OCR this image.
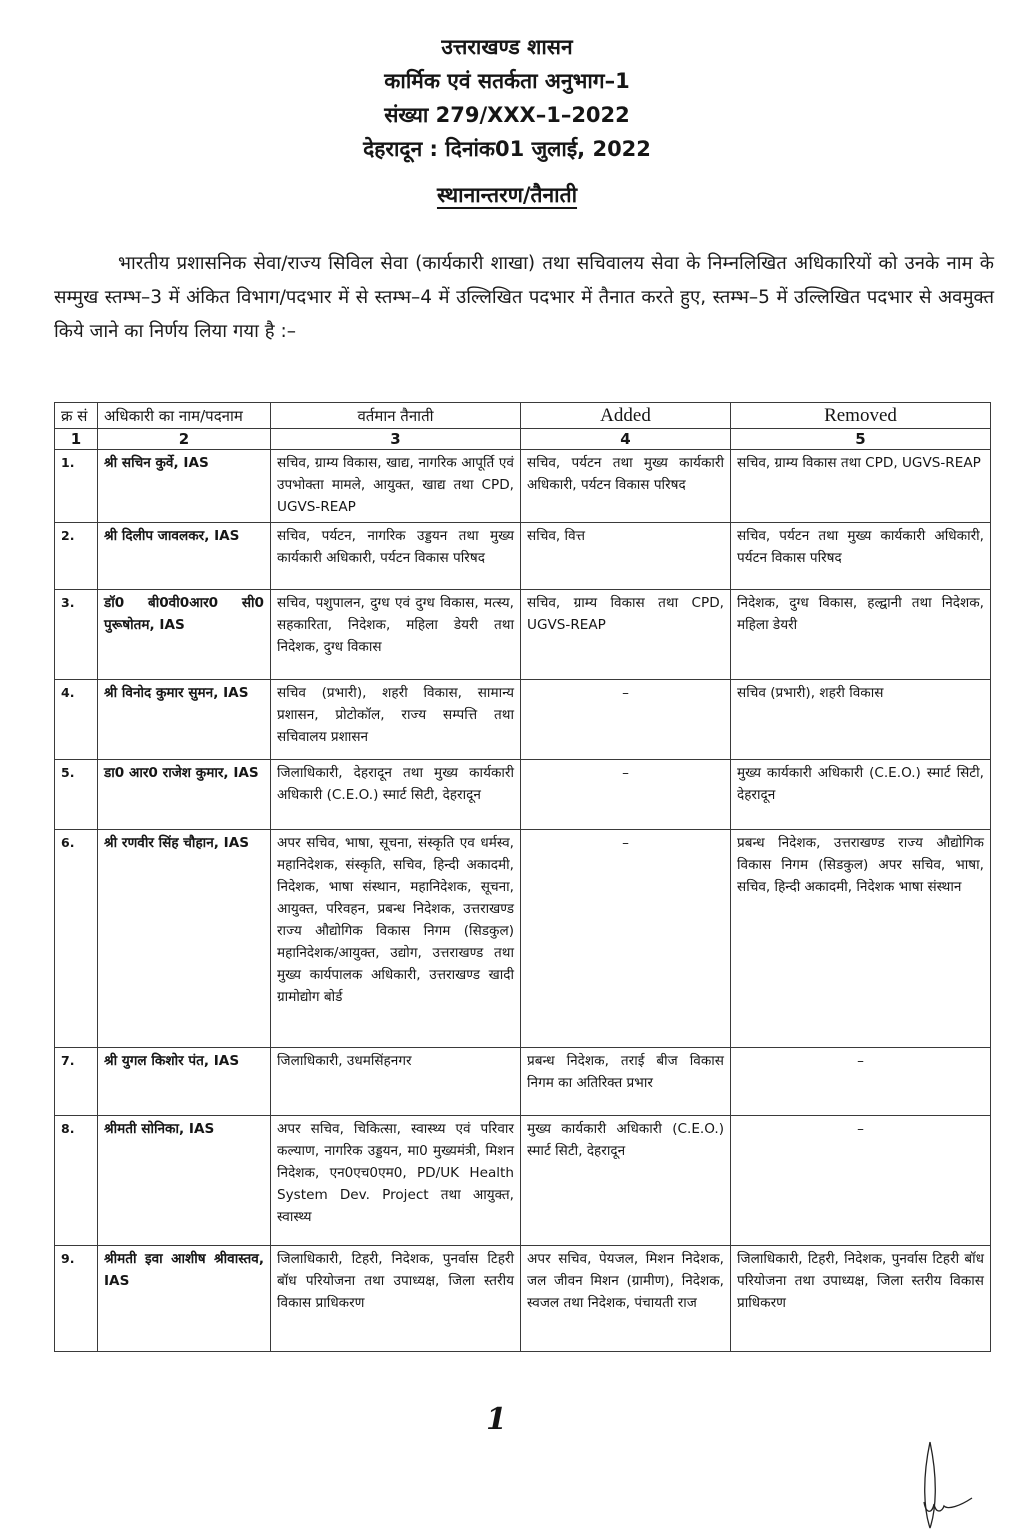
उत्तराखण्ड शासन
कार्मिक एवं सतर्कता अनुभाग–1
संख्या 279/XXX–1–2022
देहरादून : दिनांक01 जुलाई, 2022
स्थानान्तरण/तैनाती

भारतीय प्रशासनिक सेवा/राज्य सिविल सेवा (कार्यकारी शाखा) तथा सचिवालय सेवा के निम्नलिखित अधिकारियों को उनके नाम के सम्मुख स्तम्भ–3 में अंकित विभाग/पदभार में से स्तम्भ–4 में उल्लिखित पदभार में तैनात करते हुए, स्तम्भ–5 में उल्लिखित पदभार से अवमुक्त किये जाने का निर्णय लिया गया है :–

क्र सं	अधिकारी का नाम/पदनाम	वर्तमान तैनाती	Added	Removed
1	2	3	4	5
1.	श्री सचिन कुर्वे, IAS	सचिव, ग्राम्य विकास, खाद्य, नागरिक आपूर्ति एवं उपभोक्ता मामले, आयुक्त, खाद्य तथा CPD, UGVS-REAP	सचिव, पर्यटन तथा मुख्य कार्यकारी अधिकारी, पर्यटन विकास परिषद	सचिव, ग्राम्य विकास तथा CPD, UGVS-REAP
2.	श्री दिलीप जावलकर, IAS	सचिव, पर्यटन, नागरिक उड्डयन तथा मुख्य कार्यकारी अधिकारी, पर्यटन विकास परिषद	सचिव, वित्त	सचिव, पर्यटन तथा मुख्य कार्यकारी अधिकारी, पर्यटन विकास परिषद
3.	डॉ0 बी0वी0आर0 सी0 पुरूषोतम, IAS	सचिव, पशुपालन, दुग्ध एवं दुग्ध विकास, मत्स्य, सहकारिता, निदेशक, महिला डेयरी तथा निदेशक, दुग्ध विकास	सचिव, ग्राम्य विकास तथा CPD, UGVS-REAP	निदेशक, दुग्ध विकास, हल्द्वानी तथा निदेशक, महिला डेयरी
4.	श्री विनोद कुमार सुमन, IAS	सचिव (प्रभारी), शहरी विकास, सामान्य प्रशासन, प्रोटोकॉल, राज्य सम्पत्ति तथा सचिवालय प्रशासन	–	सचिव (प्रभारी), शहरी विकास
5.	डा0 आर0 राजेश कुमार, IAS	जिलाधिकारी, देहरादून तथा मुख्य कार्यकारी अधिकारी (C.E.O.) स्मार्ट सिटी, देहरादून	–	मुख्य कार्यकारी अधिकारी (C.E.O.) स्मार्ट सिटी, देहरादून
6.	श्री रणवीर सिंह चौहान, IAS	अपर सचिव, भाषा, सूचना, संस्कृति एव धर्मस्व, महानिदेशक, संस्कृति, सचिव, हिन्दी अकादमी, निदेशक, भाषा संस्थान, महानिदेशक, सूचना, आयुक्त, परिवहन, प्रबन्ध निदेशक, उत्तराखण्ड राज्य औद्योगिक विकास निगम (सिडकुल) महानिदेशक/आयुक्त, उद्योग, उत्तराखण्ड तथा मुख्य कार्यपालक अधिकारी, उत्तराखण्ड खादी ग्रामोद्योग बोर्ड	–	प्रबन्ध निदेशक, उत्तराखण्ड राज्य औद्योगिक विकास निगम (सिडकुल) अपर सचिव, भाषा, सचिव, हिन्दी अकादमी, निदेशक भाषा संस्थान
7.	श्री युगल किशोर पंत, IAS	जिलाधिकारी, उधमसिंहनगर	प्रबन्ध निदेशक, तराई बीज विकास निगम का अतिरिक्त प्रभार	–
8.	श्रीमती सोनिका, IAS	अपर सचिव, चिकित्सा, स्वास्थ्य एवं परिवार कल्याण, नागरिक उड्डयन, मा0 मुख्यमंत्री, मिशन निदेशक, एन0एच0एम0, PD/UK Health System Dev. Project तथा आयुक्त, स्वास्थ्य	मुख्य कार्यकारी अधिकारी (C.E.O.) स्मार्ट सिटी, देहरादून	–
9.	श्रीमती इवा आशीष श्रीवास्तव, IAS	जिलाधिकारी, टिहरी, निदेशक, पुनर्वास टिहरी बॉध परियोजना तथा उपाध्यक्ष, जिला स्तरीय विकास प्राधिकरण	अपर सचिव, पेयजल, मिशन निदेशक, जल जीवन मिशन (ग्रामीण), निदेशक, स्वजल तथा निदेशक, पंचायती राज	जिलाधिकारी, टिहरी, निदेशक, पुनर्वास टिहरी बॉध परियोजना तथा उपाध्यक्ष, जिला स्तरीय विकास प्राधिकरण
1
